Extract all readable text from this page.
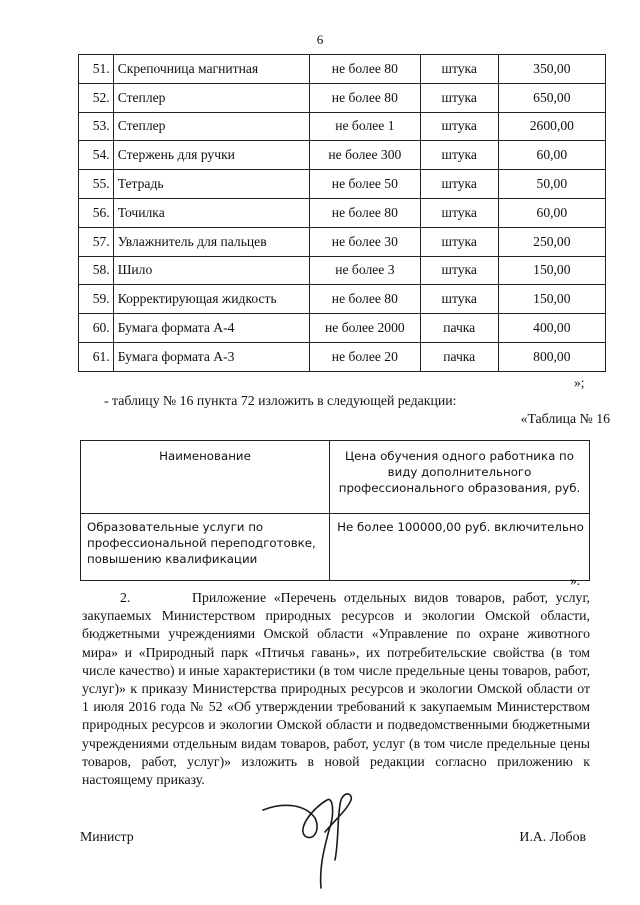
6
51.	Скрепочница магнитная	не более 80	штука	350,00
52.	Степлер	не более 80	штука	650,00
53.	Степлер	не более 1	штука	2600,00
54.	Стержень для ручки	не более 300	штука	60,00
55.	Тетрадь	не более 50	штука	50,00
56.	Точилка	не более 80	штука	60,00
57.	Увлажнитель для пальцев	не более 30	штука	250,00
58.	Шило	не более 3	штука	150,00
59.	Корректирующая жидкость	не более 80	штука	150,00
60.	Бумага формата А-4	не более 2000	пачка	400,00
61.	Бумага формата А-3	не более 20	пачка	800,00
»;
- таблицу № 16 пункта 72 изложить в следующей редакции:
«Таблица № 16
Наименование	Цена обучения одного работника по виду дополнительного профессионального образования, руб.
Образовательные услуги по профессиональной переподготовке, повышению квалификации	Не более 100000,00 руб. включительно
».
2.	Приложение «Перечень отдельных видов товаров, работ, услуг, закупаемых Министерством природных ресурсов и экологии Омской области, бюджетными учреждениями Омской области «Управление по охране животного мира» и «Природный парк «Птичья гавань», их потребительские свойства (в том числе качество) и иные характеристики (в том числе предельные цены товаров, работ, услуг)» к приказу Министерства природных ресурсов и экологии Омской области от 1 июля 2016 года № 52 «Об утверждении требований к закупаемым Министерством природных ресурсов и экологии Омской области и подведомственными бюджетными учреждениями отдельным видам товаров, работ, услуг (в том числе предельные цены товаров, работ, услуг)» изложить в новой редакции согласно приложению к настоящему приказу.
Министр	И.А. Лобов
